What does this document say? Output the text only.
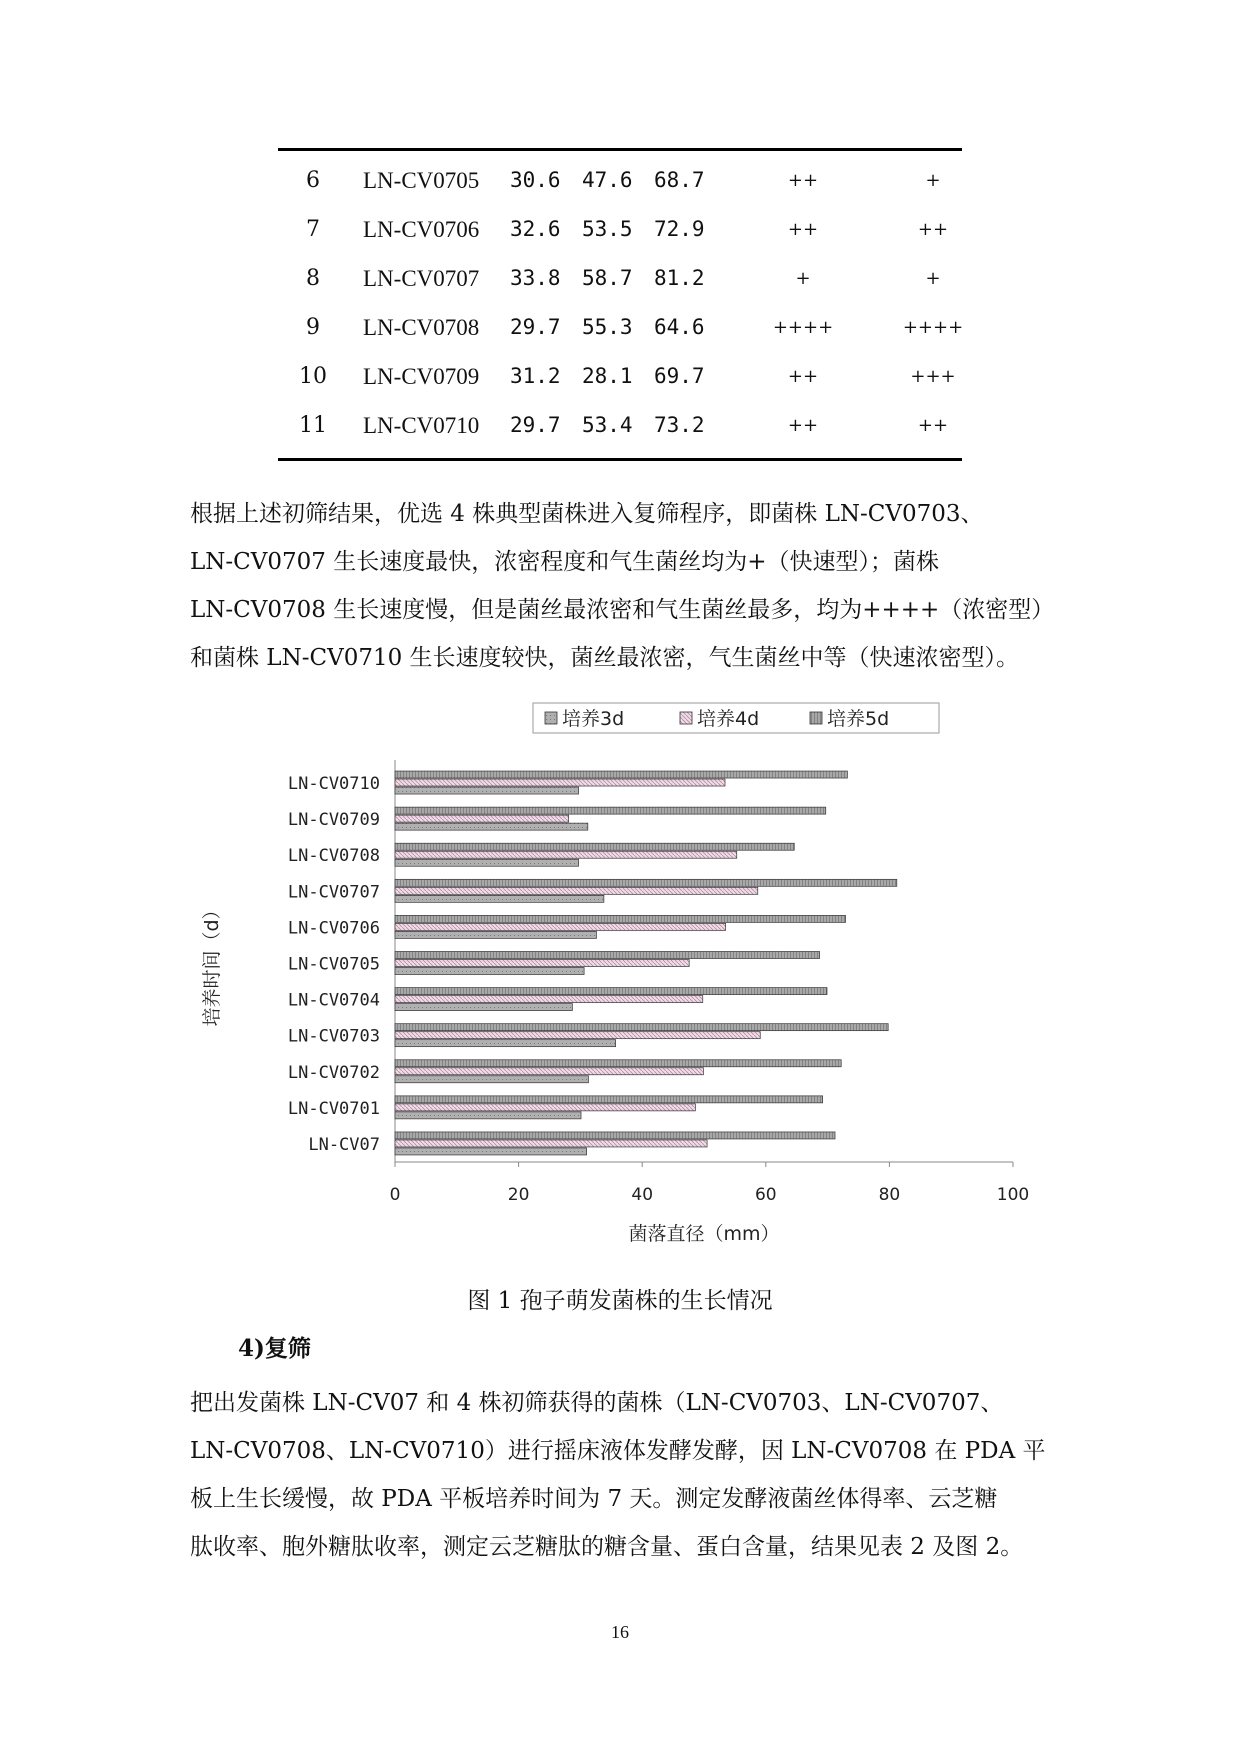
6	LN-CV0705 30.6 47.6 68.7	++	+
7	LN-CV0706 32.6 53.5 72.9	++	++
8	LN-CV0707 33.8 58.7 81.2	+	+
9	LN-CV0708 29.7 55.3 64.6	++++	++++
10	LN-CV0709 31.2 28.1 69.7	++	+++
11	LN-CV0710 29.7 53.4 73.2	++	++
根据上述初筛结果，优选 4 株典型菌株进入复筛程序，即菌株 LN-CV0703、
LN-CV0707 生长速度最快，浓密程度和气生菌丝均为+（快速型）；菌株
LN-CV0708 生长速度慢，但是菌丝最浓密和气生菌丝最多，均为++++（浓密型）
和菌株 LN-CV0710 生长速度较快，菌丝最浓密，气生菌丝中等（快速浓密型）。
0	20	40	60	80	100
LN-CV07
LN-CV0701
LN-CV0702
LN-CV0703
LN-CV0704
LN-CV0705
LN-CV0706
LN-CV0707
LN-CV0708
LN-CV0709
LN-CV0710
菌落直径（mm）
培养时间（d）
培养3d	培养4d	培养5d
图 1 孢子萌发菌株的生长情况
4)复筛
把出发菌株 LN-CV07 和 4 株初筛获得的菌株（LN-CV0703、LN-CV0707、
LN-CV0708、LN-CV0710）进行摇床液体发酵发酵，因 LN-CV0708 在 PDA 平
板上生长缓慢，故 PDA 平板培养时间为 7 天。测定发酵液菌丝体得率、云芝糖
肽收率、胞外糖肽收率，测定云芝糖肽的糖含量、蛋白含量，结果见表 2 及图 2。
16
